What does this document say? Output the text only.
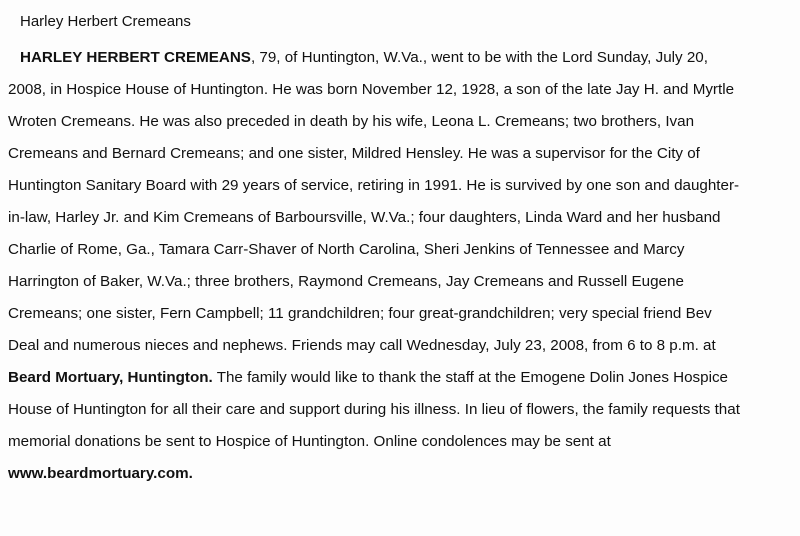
Harley Herbert Cremeans
HARLEY HERBERT CREMEANS, 79, of Huntington, W.Va., went to be with the Lord Sunday, July 20,
2008, in Hospice House of Huntington. He was born November 12, 1928, a son of the late Jay H. and Myrtle
Wroten Cremeans. He was also preceded in death by his wife, Leona L. Cremeans; two brothers, Ivan
Cremeans and Bernard Cremeans; and one sister, Mildred Hensley. He was a supervisor for the City of
Huntington Sanitary Board with 29 years of service, retiring in 1991. He is survived by one son and daughter-
in-law, Harley Jr. and Kim Cremeans of Barboursville, W.Va.; four daughters, Linda Ward and her husband
Charlie of Rome, Ga., Tamara Carr-Shaver of North Carolina, Sheri Jenkins of Tennessee and Marcy
Harrington of Baker, W.Va.; three brothers, Raymond Cremeans, Jay Cremeans and Russell Eugene
Cremeans; one sister, Fern Campbell; 11 grandchildren; four great-grandchildren; very special friend Bev
Deal and numerous nieces and nephews. Friends may call Wednesday, July 23, 2008, from 6 to 8 p.m. at
Beard Mortuary, Huntington. The family would like to thank the staff at the Emogene Dolin Jones Hospice
House of Huntington for all their care and support during his illness. In lieu of flowers, the family requests that
memorial donations be sent to Hospice of Huntington. Online condolences may be sent at
www.beardmortuary.com.
